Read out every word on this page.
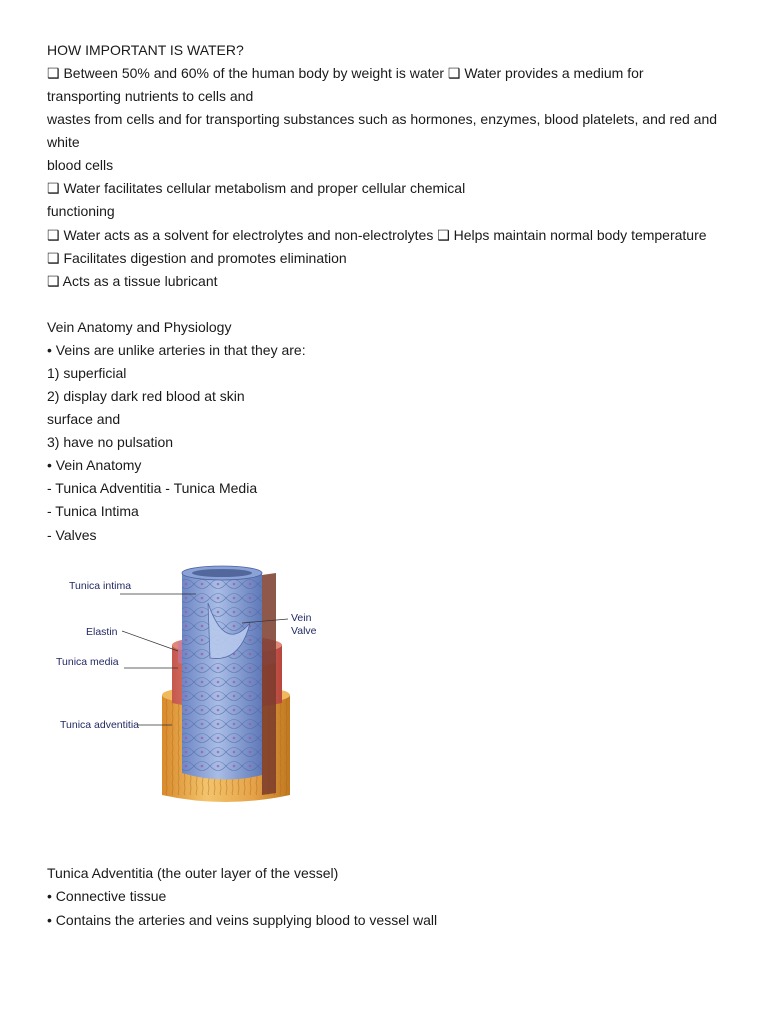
HOW IMPORTANT IS WATER?
❑ Between 50% and 60% of the human body by weight is water ❑ Water provides a medium for
transporting nutrients to cells and
wastes from cells and for transporting substances such as hormones, enzymes, blood platelets, and red and
white
blood cells
❑ Water facilitates cellular metabolism and proper cellular chemical
functioning
❑ Water acts as a solvent for electrolytes and non-electrolytes ❑ Helps maintain normal body temperature
❑ Facilitates digestion and promotes elimination
❑ Acts as a tissue lubricant
Vein Anatomy and Physiology
• Veins are unlike arteries in that they are:
1) superficial
2) display dark red blood at skin
surface and
3) have no pulsation
• Vein Anatomy
- Tunica Adventitia - Tunica Media
- Tunica Intima
- Valves
Tunica intima
Elastin
Tunica media
Tunica adventitia
Vein
Valve
Tunica Adventitia (the outer layer of the vessel)
• Connective tissue
• Contains the arteries and veins supplying blood to vessel wall
